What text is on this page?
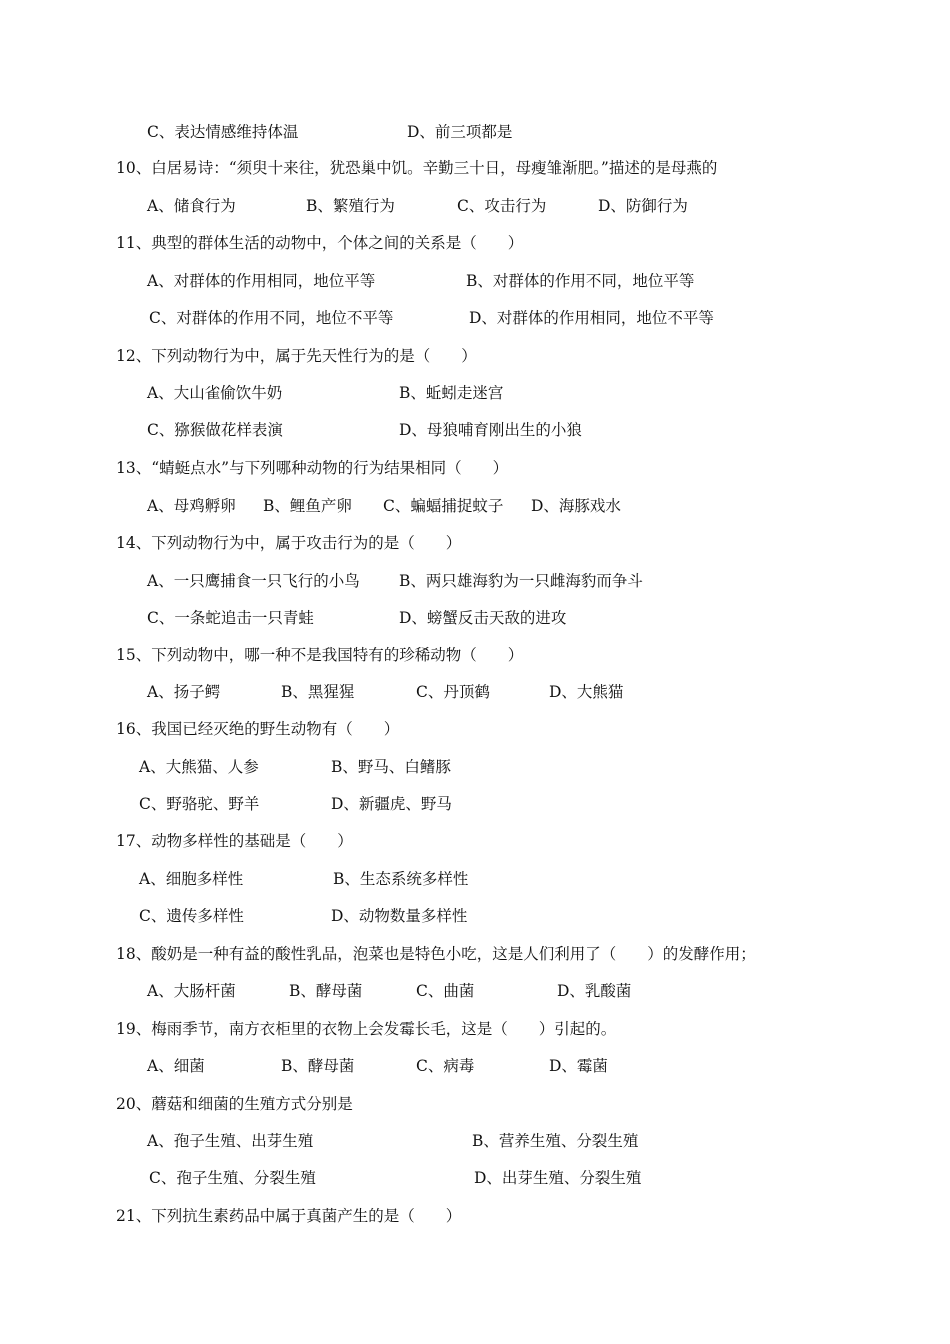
C、表达情感维持体温	D、前三项都是
10、白居易诗：“须臾十来往，犹恐巢中饥。辛勤三十日，母瘦雏渐肥。”描述的是母燕的
A、储食行为	B、繁殖行为	C、攻击行为	D、防御行为
11、典型的群体生活的动物中，个体之间的关系是（　　）
A、对群体的作用相同，地位平等	B、对群体的作用不同，地位平等
C、对群体的作用不同，地位不平等	D、对群体的作用相同，地位不平等
12、下列动物行为中，属于先天性行为的是（　　）
A、大山雀偷饮牛奶	B、蚯蚓走迷宫
C、猕猴做花样表演	D、母狼哺育刚出生的小狼
13、“蜻蜓点水”与下列哪种动物的行为结果相同（　　）
A、母鸡孵卵 B、鲤鱼产卵 C、蝙蝠捕捉蚊子 D、海豚戏水
14、下列动物行为中，属于攻击行为的是（　　）
A、一只鹰捕食一只飞行的小鸟	B、两只雄海豹为一只雌海豹而争斗
C、一条蛇追击一只青蛙	D、螃蟹反击天敌的进攻
15、下列动物中，哪一种不是我国特有的珍稀动物（　　）
A、扬子鳄	B、黑猩猩	C、丹顶鹤	D、大熊猫
16、我国已经灭绝的野生动物有（　　）
A、大熊猫、人参	B、野马、白鳍豚
C、野骆驼、野羊	D、新疆虎、野马
17、动物多样性的基础是（　　）
A、细胞多样性	B、生态系统多样性
C、遗传多样性	D、动物数量多样性
18、酸奶是一种有益的酸性乳品，泡菜也是特色小吃，这是人们利用了（　　）的发酵作用；
A、大肠杆菌	B、酵母菌	C、曲菌	D、乳酸菌
19、梅雨季节，南方衣柜里的衣物上会发霉长毛，这是（　　）引起的。
A、细菌	B、酵母菌	C、病毒	D、霉菌
20、蘑菇和细菌的生殖方式分别是
A、孢子生殖、出芽生殖	B、营养生殖、分裂生殖
C、孢子生殖、分裂生殖	D、出芽生殖、分裂生殖
21、下列抗生素药品中属于真菌产生的是（　　）
